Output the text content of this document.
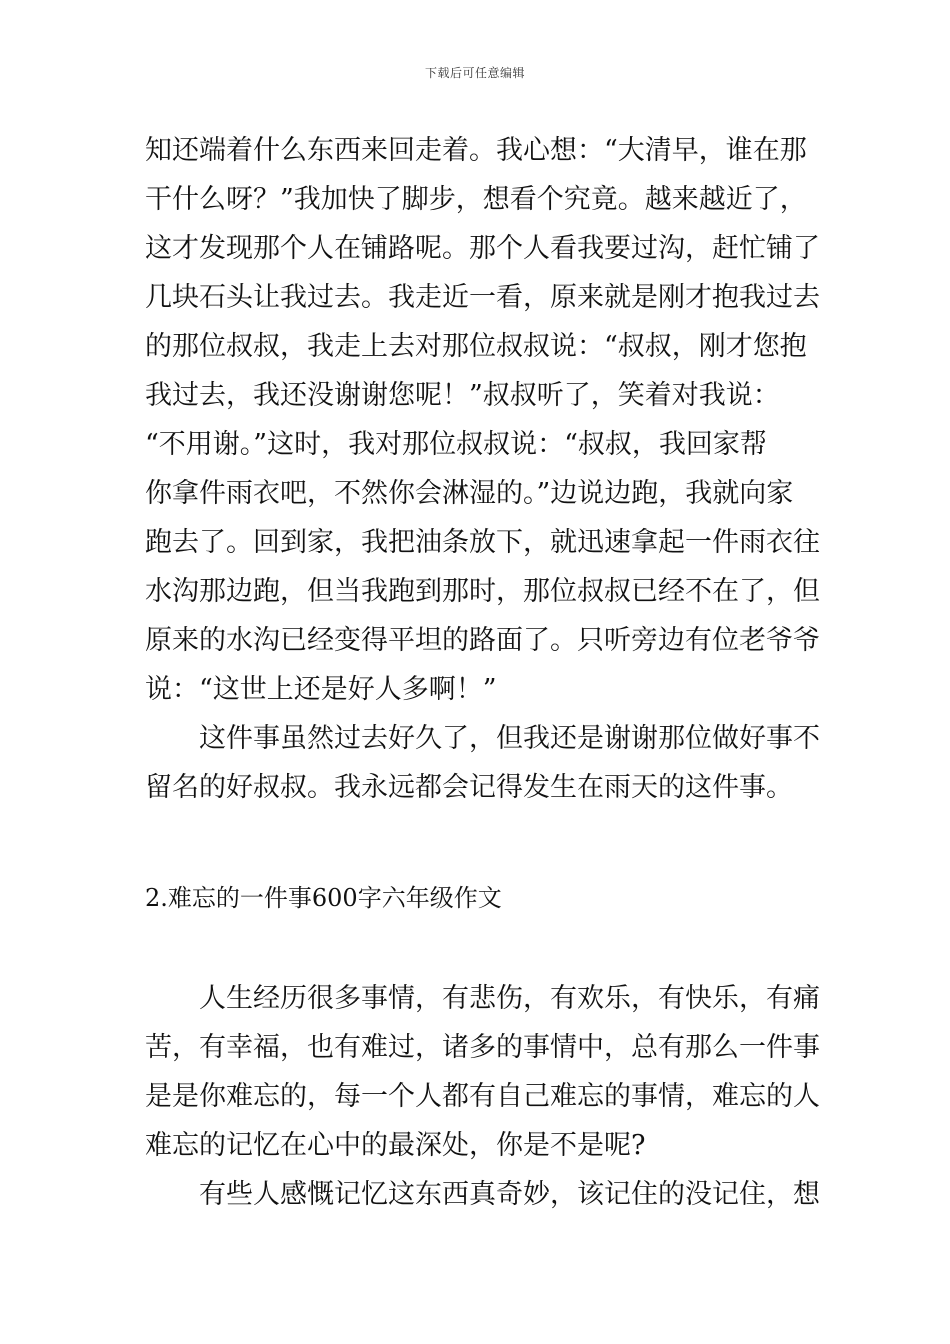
下载后可任意编辑
知还端着什么东西来回走着。我心想：“大清早，谁在那
干什么呀？”我加快了脚步，想看个究竟。越来越近了，
这才发现那个人在铺路呢。那个人看我要过沟，赶忙铺了
几块石头让我过去。我走近一看，原来就是刚才抱我过去
的那位叔叔，我走上去对那位叔叔说：“叔叔，刚才您抱
我过去，我还没谢谢您呢！”叔叔听了，笑着对我说：
“不用谢。”这时，我对那位叔叔说：“叔叔，我回家帮
你拿件雨衣吧，不然你会淋湿的。”边说边跑，我就向家
跑去了。回到家，我把油条放下，就迅速拿起一件雨衣往
水沟那边跑，但当我跑到那时，那位叔叔已经不在了，但
原来的水沟已经变得平坦的路面了。只听旁边有位老爷爷
说：“这世上还是好人多啊！”
这件事虽然过去好久了，但我还是谢谢那位做好事不
留名的好叔叔。我永远都会记得发生在雨天的这件事。
2.难忘的一件事600字六年级作文
人生经历很多事情，有悲伤，有欢乐，有快乐，有痛
苦，有幸福，也有难过，诸多的事情中，总有那么一件事
是是你难忘的，每一个人都有自己难忘的事情，难忘的人
难忘的记忆在心中的最深处，你是不是呢?
有些人感慨记忆这东西真奇妙，该记住的没记住，想
